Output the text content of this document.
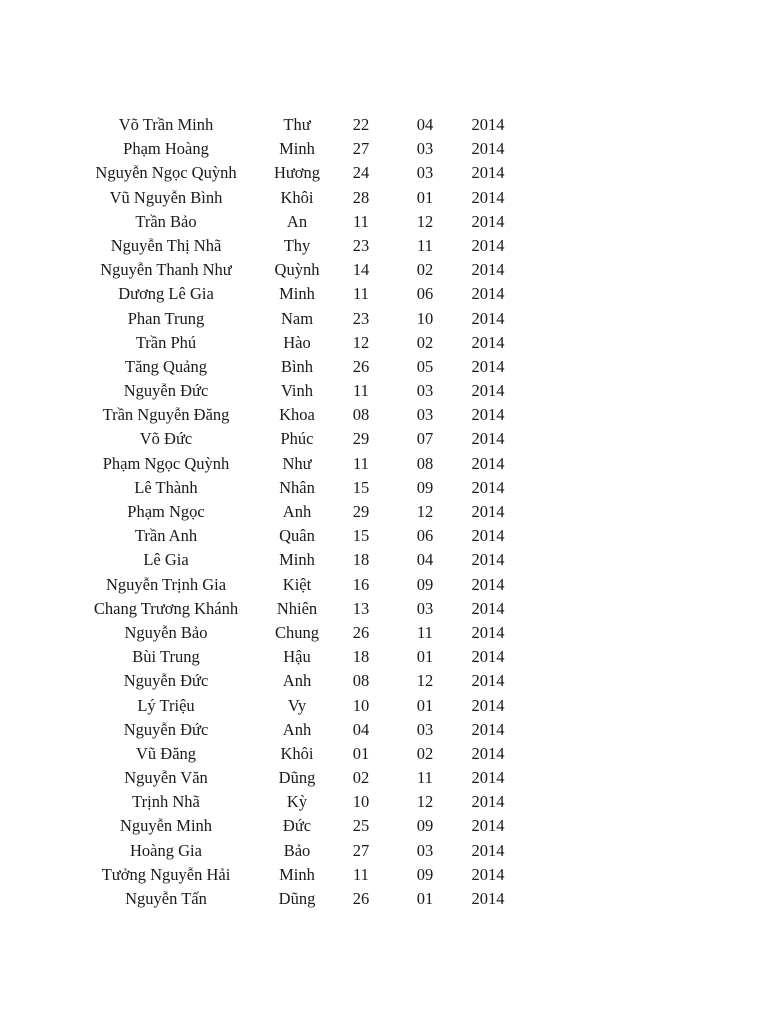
Võ Trần Minh	Thư	22	04	2014
Phạm Hoàng	Minh	27	03	2014
Nguyễn Ngọc Quỳnh	Hương	24	03	2014
Vũ Nguyễn Bình	Khôi	28	01	2014
Trần Bảo	An	11	12	2014
Nguyễn Thị Nhã	Thy	23	11	2014
Nguyễn Thanh Như	Quỳnh	14	02	2014
Dương Lê Gia	Minh	11	06	2014
Phan Trung	Nam	23	10	2014
Trần Phú	Hào	12	02	2014
Tăng Quảng	Bình	26	05	2014
Nguyễn Đức	Vinh	11	03	2014
Trần Nguyễn Đăng	Khoa	08	03	2014
Võ Đức	Phúc	29	07	2014
Phạm Ngọc Quỳnh	Như	11	08	2014
Lê Thành	Nhân	15	09	2014
Phạm Ngọc	Anh	29	12	2014
Trần Anh	Quân	15	06	2014
Lê Gia	Minh	18	04	2014
Nguyễn Trịnh Gia	Kiệt	16	09	2014
Chang Trương Khánh	Nhiên	13	03	2014
Nguyễn Bảo	Chung	26	11	2014
Bùi Trung	Hậu	18	01	2014
Nguyễn Đức	Anh	08	12	2014
Lý Triệu	Vy	10	01	2014
Nguyễn Đức	Anh	04	03	2014
Vũ Đăng	Khôi	01	02	2014
Nguyễn Văn	Dũng	02	11	2014
Trịnh Nhã	Kỳ	10	12	2014
Nguyễn Minh	Đức	25	09	2014
Hoàng Gia	Bảo	27	03	2014
Tưởng Nguyễn Hải	Minh	11	09	2014
Nguyễn Tấn	Dũng	26	01	2014
